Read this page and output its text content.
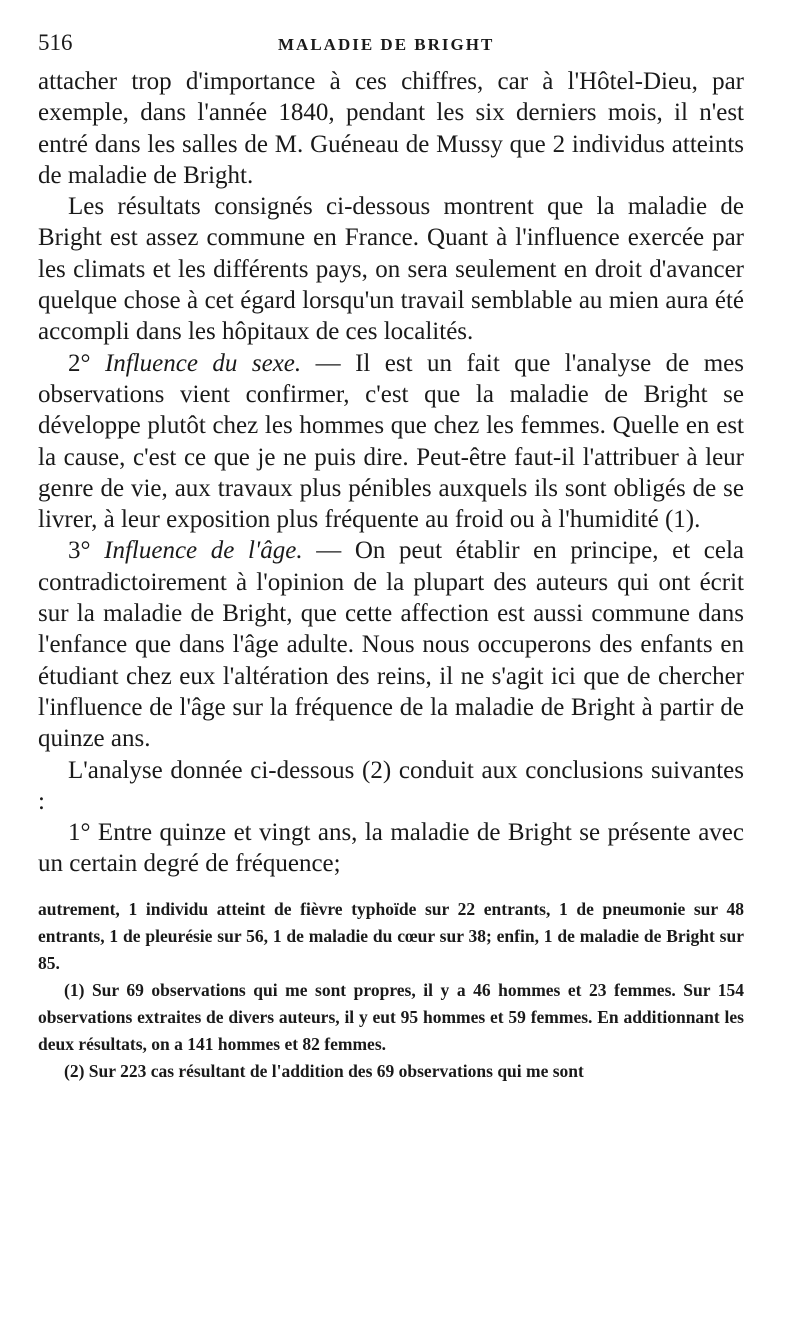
516	MALADIE DE BRIGHT

attacher trop d'importance à ces chiffres, car à l'Hôtel-Dieu, par exemple, dans l'année 1840, pendant les six derniers mois, il n'est entré dans les salles de M. Guéneau de Mussy que 2 individus atteints de maladie de Bright.

Les résultats consignés ci-dessous montrent que la maladie de Bright est assez commune en France. Quant à l'influence exercée par les climats et les différents pays, on sera seulement en droit d'avancer quelque chose à cet égard lorsqu'un travail semblable au mien aura été accompli dans les hôpitaux de ces localités.

2° Influence du sexe. — Il est un fait que l'analyse de mes observations vient confirmer, c'est que la maladie de Bright se développe plutôt chez les hommes que chez les femmes. Quelle en est la cause, c'est ce que je ne puis dire. Peut-être faut-il l'attribuer à leur genre de vie, aux travaux plus pénibles auxquels ils sont obligés de se livrer, à leur exposition plus fréquente au froid ou à l'humidité (1).

3° Influence de l'âge. — On peut établir en principe, et cela contradictoirement à l'opinion de la plupart des auteurs qui ont écrit sur la maladie de Bright, que cette affection est aussi commune dans l'enfance que dans l'âge adulte. Nous nous occuperons des enfants en étudiant chez eux l'altération des reins, il ne s'agit ici que de chercher l'influence de l'âge sur la fréquence de la maladie de Bright à partir de quinze ans.

L'analyse donnée ci-dessous (2) conduit aux conclusions suivantes :

1° Entre quinze et vingt ans, la maladie de Bright se présente avec un certain degré de fréquence;

autrement, 1 individu atteint de fièvre typhoïde sur 22 entrants, 1 de pneumonie sur 48 entrants, 1 de pleurésie sur 56, 1 de maladie du cœur sur 38; enfin, 1 de maladie de Bright sur 85.

(1) Sur 69 observations qui me sont propres, il y a 46 hommes et 23 femmes. Sur 154 observations extraites de divers auteurs, il y eut 95 hommes et 59 femmes. En additionnant les deux résultats, on a 141 hommes et 82 femmes.

(2) Sur 223 cas résultant de l'addition des 69 observations qui me sont
